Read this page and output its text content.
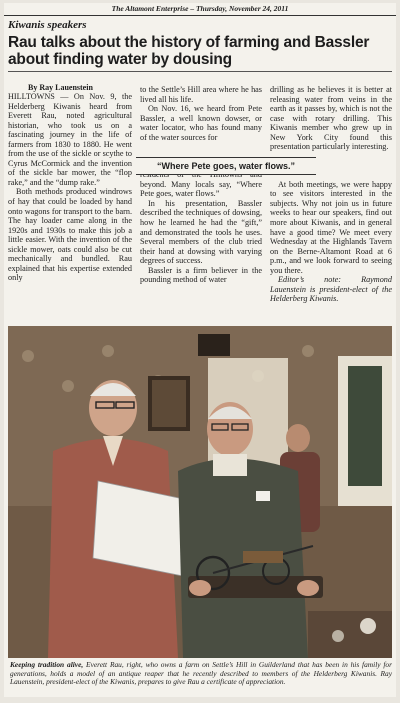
The Altamont Enterprise – Thursday, November 24, 2011
Kiwanis speakers
Rau talks about the history of farming and Bassler about finding water by dousing
By Ray Lauenstein

HILLTOWNS — On Nov. 9, the Helderberg Kiwanis heard from Everett Rau, noted agricultural historian, who took us on a fascinating journey in the life of farmers from 1830 to 1880. He went from the use of the sickle or scythe to Cyrus McCormick and the invention of the sickle bar mower, the “flop rake,” and the “dump rake.”

Both methods produced windrows of hay that could be loaded by hand onto wagons for transport to the barn. The hay loader came along in the 1920s and 1930s to make this job a little easier. With the invention of the sickle mower, oats could also be cut mechanically and bundled. Rau explained that his expertise extended only

to the Settle’s Hill area where he has lived all his life.

On Nov. 16, we heard from Pete Bassler, a well known dowser, or water locator, who has found many of the water sources for

beyond. Many locals say, “Where Pete goes, water flows.”

In his presentation, Bassler described the techniques of dowsing, how he learned he had the “gift,” and demonstrated the tools he uses. Several members of the club tried their hand at dowsing with varying degrees of success.

Bassler is a firm believer in the pounding method of water

drilling as he believes it is better at releasing water from veins in the earth as it passes by, which is not the case with rotary drilling. This Kiwanis member who grew up in New York City found this presentation particularly interesting.

At both meetings, we were happy to see visitors interested in the subjects. Why not join us in future weeks to hear our speakers, find out more about Kiwanis, and in general have a good time? We meet every Wednesday at the Highlands Tavern on the Berne-Altamont Road at 6 p.m., and we look forward to seeing you there.

Editor’s note: Raymond Lauenstein is president-elect of the Helderberg Kiwanis.

“Where Pete goes, water flows.”
Keeping tradition alive, Everett Rau, right, who owns a farm on Settle’s Hill in Guilderland that has been in his family for generations, holds a model of an antique reaper that he recently described to members of the Helderberg Kiwanis. Ray Lauenstein, president-elect of the Kiwanis, prepares to give Rau a certificate of appreciation.
